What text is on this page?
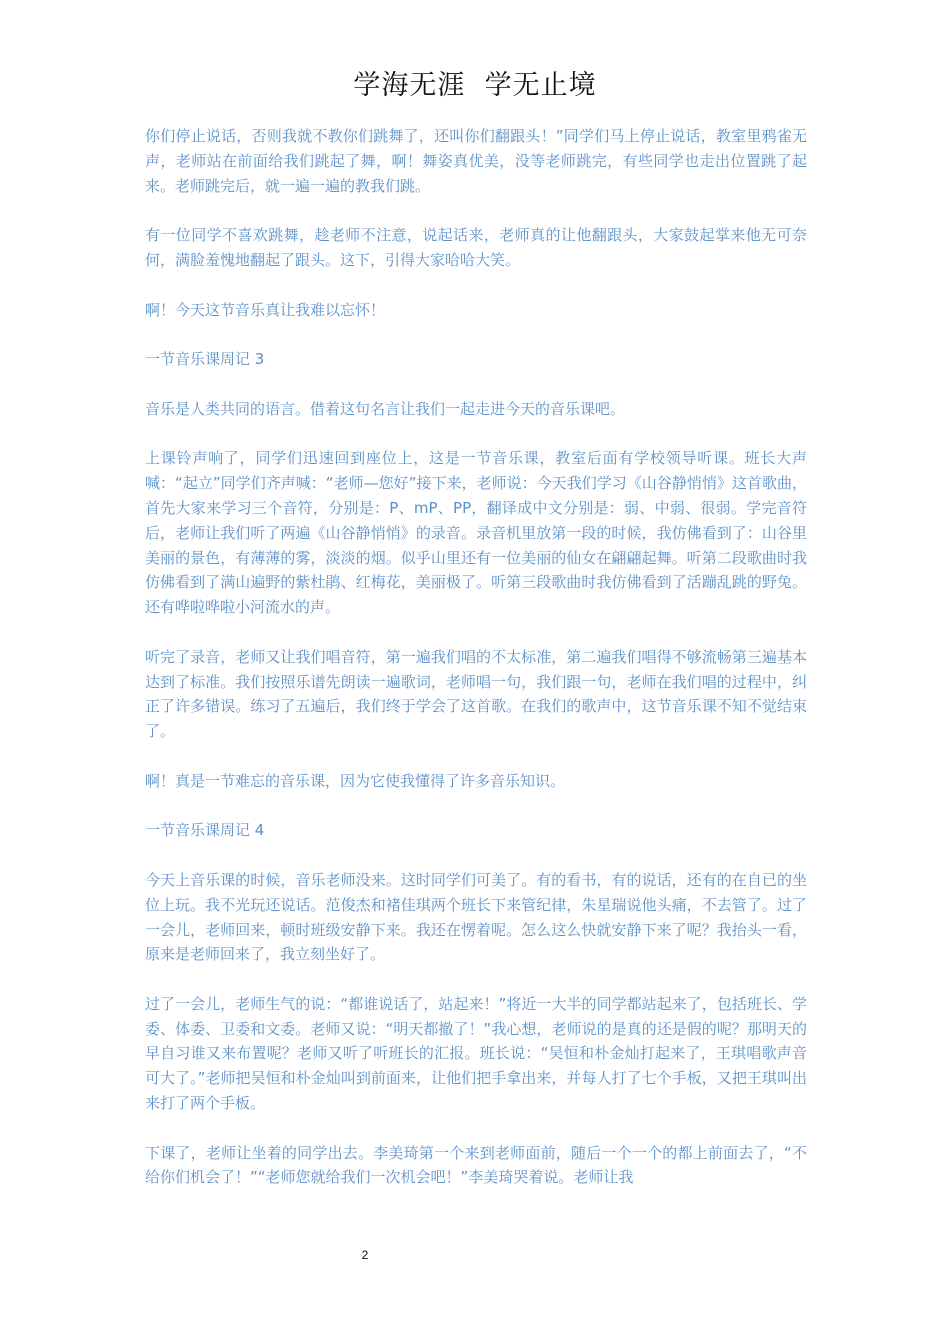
学海无涯  学无止境

你们停止说话，否则我就不教你们跳舞了，还叫你们翻跟头！”同学们马上停止说话，教室里鸦雀无声，老师站在前面给我们跳起了舞，啊！舞姿真优美，没等老师跳完，有些同学也走出位置跳了起来。老师跳完后，就一遍一遍的教我们跳。

有一位同学不喜欢跳舞，趁老师不注意，说起话来，老师真的让他翻跟头，大家鼓起掌来他无可奈何，满脸羞愧地翻起了跟头。这下，引得大家哈哈大笑。

啊！今天这节音乐真让我难以忘怀！

一节音乐课周记 3

音乐是人类共同的语言。借着这句名言让我们一起走进今天的音乐课吧。

上课铃声响了，同学们迅速回到座位上，这是一节音乐课，教室后面有学校领导听课。班长大声喊：“起立”同学们齐声喊：“老师—您好”接下来，老师说：今天我们学习《山谷静悄悄》这首歌曲，首先大家来学习三个音符，分别是：P、mP、PP，翻译成中文分别是：弱、中弱、很弱。学完音符后，老师让我们听了两遍《山谷静悄悄》的录音。录音机里放第一段的时候，我仿佛看到了：山谷里美丽的景色，有薄薄的雾，淡淡的烟。似乎山里还有一位美丽的仙女在翩翩起舞。听第二段歌曲时我仿佛看到了满山遍野的紫杜鹃、红梅花，美丽极了。听第三段歌曲时我仿佛看到了活蹦乱跳的野兔。还有哗啦哗啦小河流水的声。

听完了录音，老师又让我们唱音符，第一遍我们唱的不太标准，第二遍我们唱得不够流畅第三遍基本达到了标准。我们按照乐谱先朗读一遍歌词，老师唱一句，我们跟一句，老师在我们唱的过程中，纠正了许多错误。练习了五遍后，我们终于学会了这首歌。在我们的歌声中，这节音乐课不知不觉结束了。

啊！真是一节难忘的音乐课，因为它使我懂得了许多音乐知识。

一节音乐课周记 4

今天上音乐课的时候，音乐老师没来。这时同学们可美了。有的看书，有的说话，还有的在自已的坐位上玩。我不光玩还说话。范俊杰和褚佳琪两个班长下来管纪律，朱星瑞说他头痛，不去管了。过了一会儿，老师回来，顿时班级安静下来。我还在愣着呢。怎么这么快就安静下来了呢？我抬头一看，原来是老师回来了，我立刻坐好了。

过了一会儿，老师生气的说：“都谁说话了，站起来！”将近一大半的同学都站起来了，包括班长、学委、体委、卫委和文委。老师又说：“明天都撤了！”我心想，老师说的是真的还是假的呢？那明天的早自习谁又来布置呢？老师又听了听班长的汇报。班长说：“吴恒和朴金灿打起来了，王琪唱歌声音可大了。”老师把吴恒和朴金灿叫到前面来，让他们把手拿出来，并每人打了七个手板，又把王琪叫出来打了两个手板。

下课了，老师让坐着的同学出去。李美琦第一个来到老师面前，随后一个一个的都上前面去了，“不给你们机会了！”“老师您就给我们一次机会吧！”李美琦哭着说。老师让我

2
